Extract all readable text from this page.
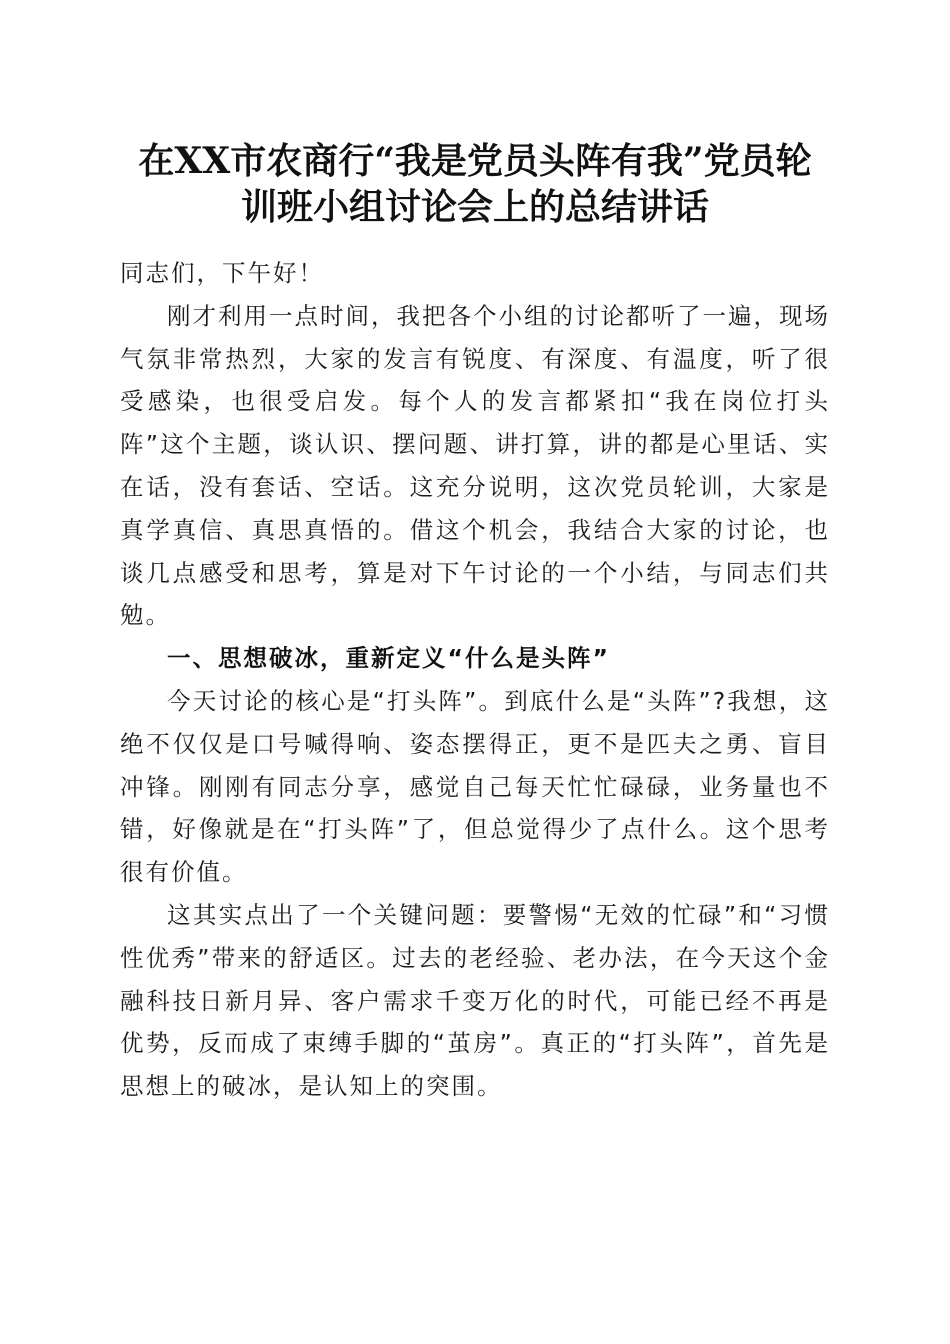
在XX市农商行“我是党员头阵有我”党员轮
训班小组讨论会上的总结讲话

同志们，下午好！

刚才利用一点时间，我把各个小组的讨论都听了一遍，现场气氛非常热烈，大家的发言有锐度、有深度、有温度，听了很受感染，也很受启发。每个人的发言都紧扣“我在岗位打头阵”这个主题，谈认识、摆问题、讲打算，讲的都是心里话、实在话，没有套话、空话。这充分说明，这次党员轮训，大家是真学真信、真思真悟的。借这个机会，我结合大家的讨论，也谈几点感受和思考，算是对下午讨论的一个小结，与同志们共勉。

一、思想破冰，重新定义“什么是头阵”

今天讨论的核心是“打头阵”。到底什么是“头阵”?我想，这绝不仅仅是口号喊得响、姿态摆得正，更不是匹夫之勇、盲目冲锋。刚刚有同志分享，感觉自己每天忙忙碌碌，业务量也不错，好像就是在“打头阵”了，但总觉得少了点什么。这个思考很有价值。

这其实点出了一个关键问题：要警惕“无效的忙碌”和“习惯性优秀”带来的舒适区。过去的老经验、老办法，在今天这个金融科技日新月异、客户需求千变万化的时代，可能已经不再是优势，反而成了束缚手脚的“茧房”。真正的“打头阵”，首先是思想上的破冰，是认知上的突围。
